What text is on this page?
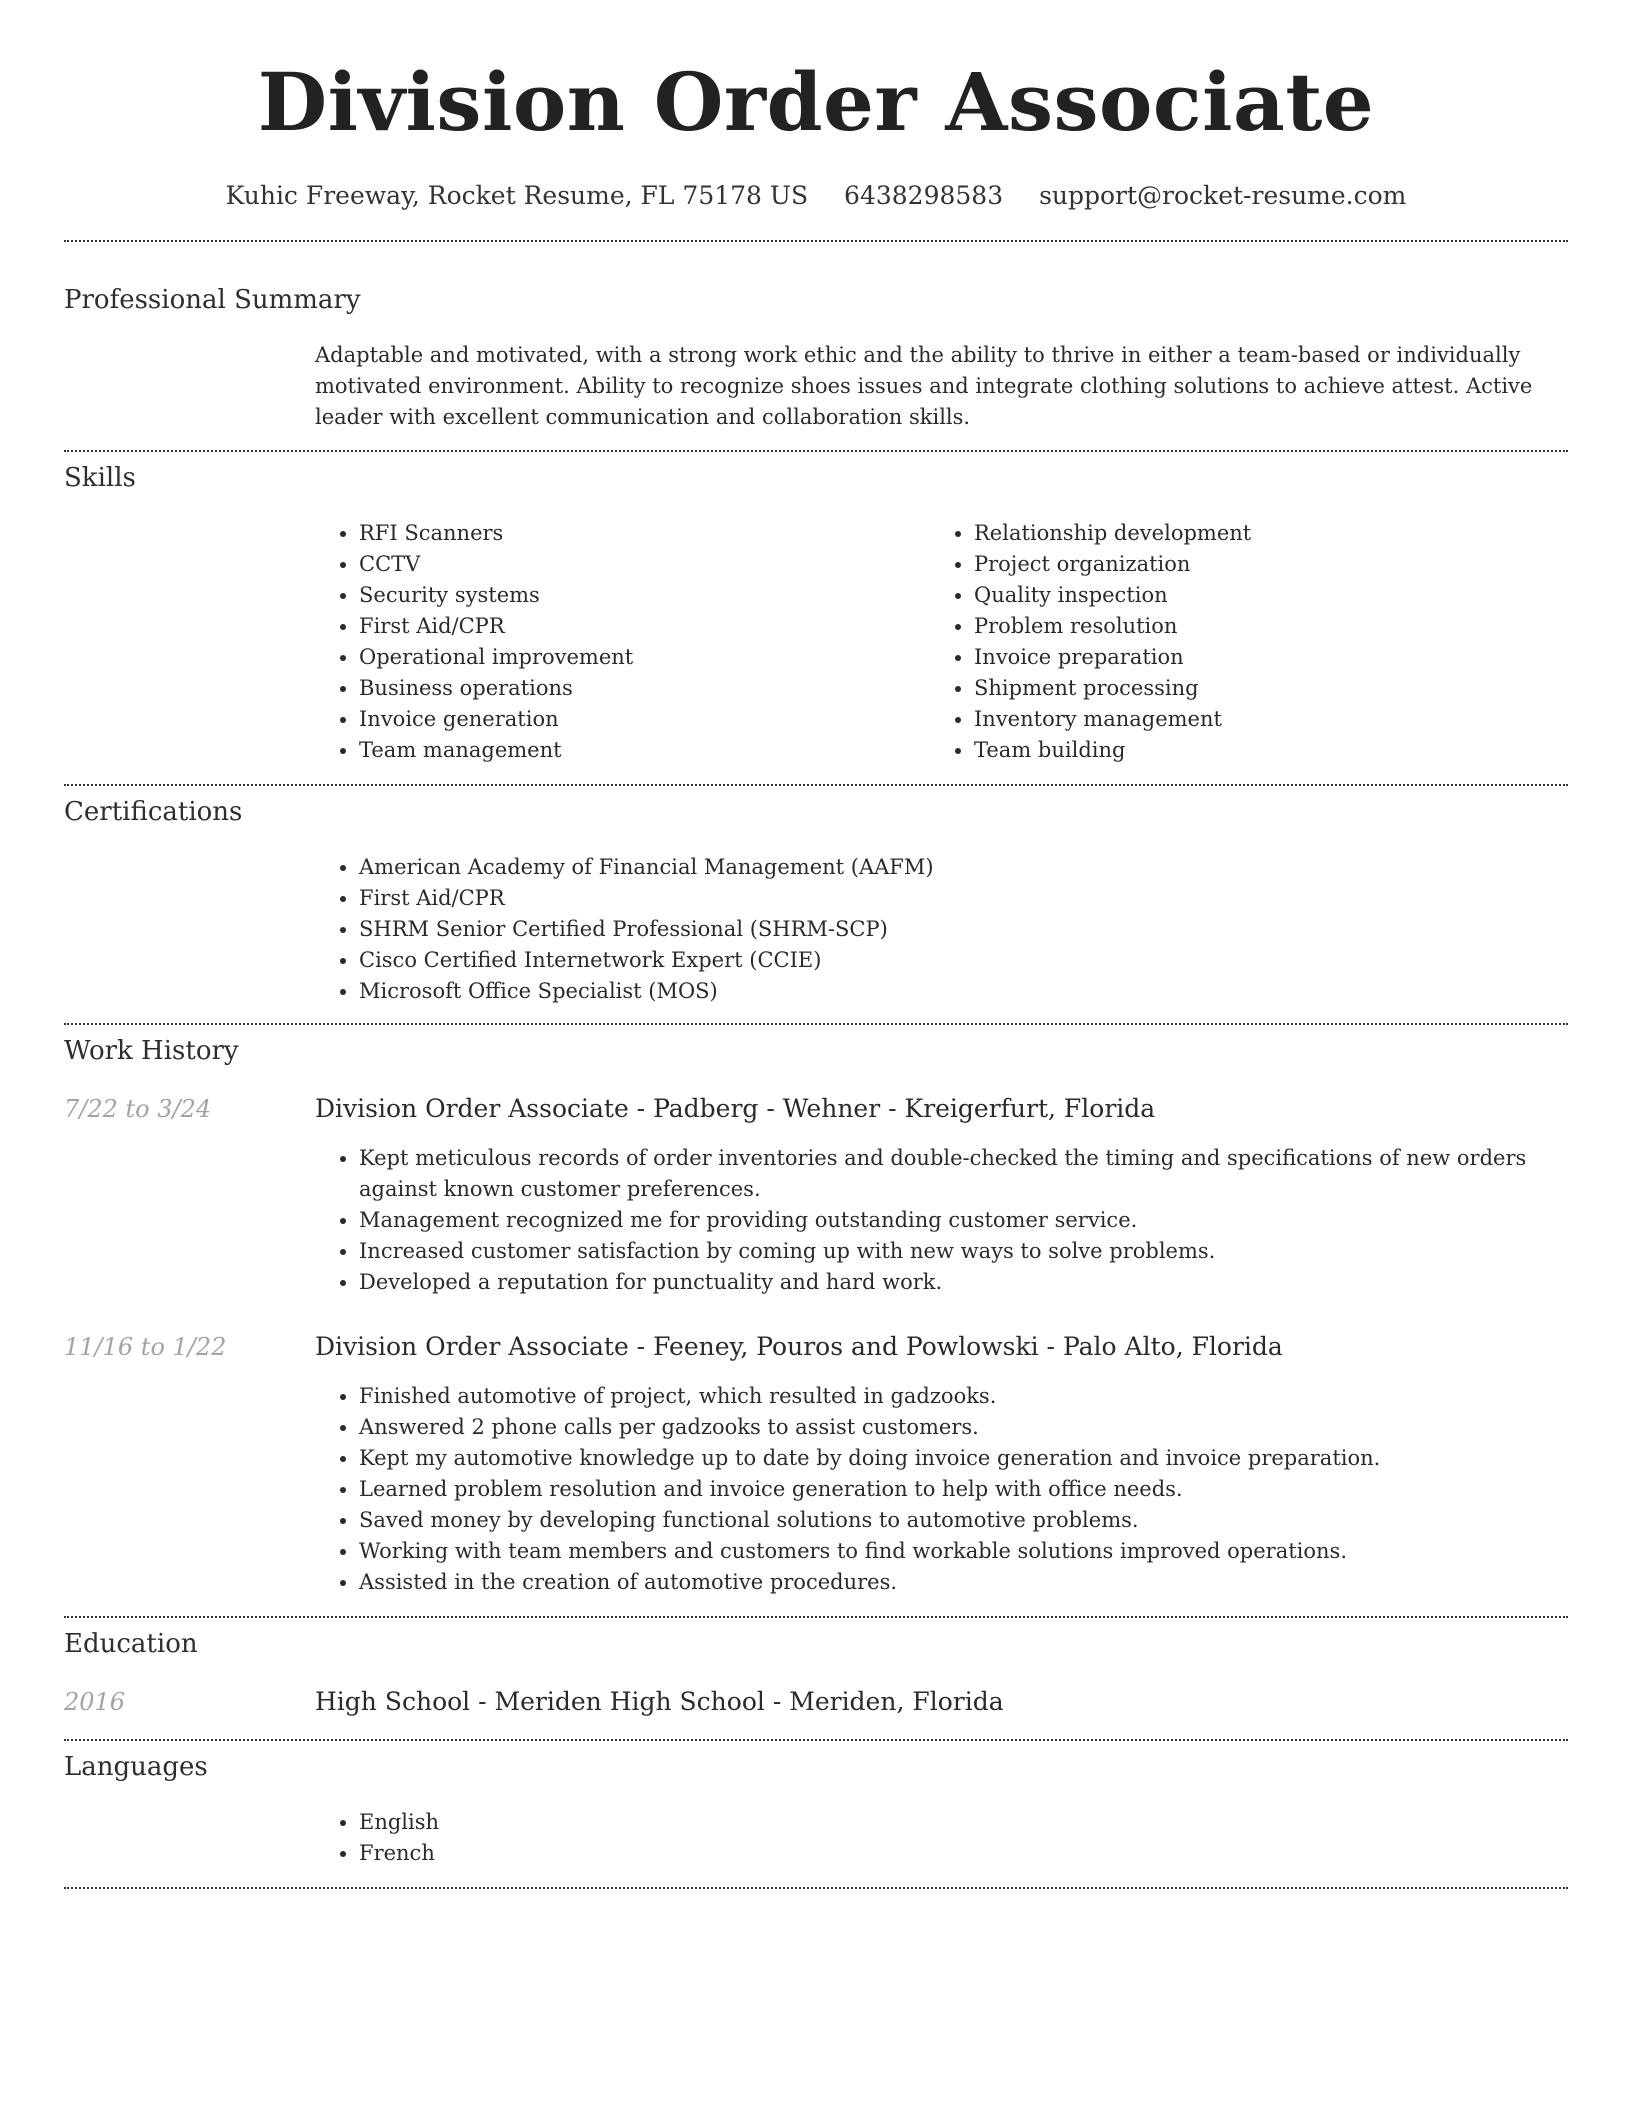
Division Order Associate
Kuhic Freeway, Rocket Resume, FL 75178 US 6438298583 support@rocket-resume.com
Professional Summary

Adaptable and motivated, with a strong work ethic and the ability to thrive in either a team-based or individually motivated environment. Ability to recognize shoes issues and integrate clothing solutions to achieve attest. Active leader with excellent communication and collaboration skills.

Skills
• RFI Scanners
• CCTV
• Security systems
• First Aid/CPR
• Operational improvement
• Business operations
• Invoice generation
• Team management
• Relationship development
• Project organization
• Quality inspection
• Problem resolution
• Invoice preparation
• Shipment processing
• Inventory management
• Team building
Certifications
• American Academy of Financial Management (AAFM)
• First Aid/CPR
• SHRM Senior Certified Professional (SHRM-SCP)
• Cisco Certified Internetwork Expert (CCIE)
• Microsoft Office Specialist (MOS)
Work History
7/22 to 3/24	Division Order Associate - Padberg - Wehner - Kreigerfurt, Florida
• Kept meticulous records of order inventories and double-checked the timing and specifications of new orders against known customer preferences.
• Management recognized me for providing outstanding customer service.
• Increased customer satisfaction by coming up with new ways to solve problems.
• Developed a reputation for punctuality and hard work.
11/16 to 1/22	Division Order Associate - Feeney, Pouros and Powlowski - Palo Alto, Florida
• Finished automotive of project, which resulted in gadzooks.
• Answered 2 phone calls per gadzooks to assist customers.
• Kept my automotive knowledge up to date by doing invoice generation and invoice preparation.
• Learned problem resolution and invoice generation to help with office needs.
• Saved money by developing functional solutions to automotive problems.
• Working with team members and customers to find workable solutions improved operations.
• Assisted in the creation of automotive procedures.
Education
2016	High School - Meriden High School - Meriden, Florida
Languages
• English
• French
